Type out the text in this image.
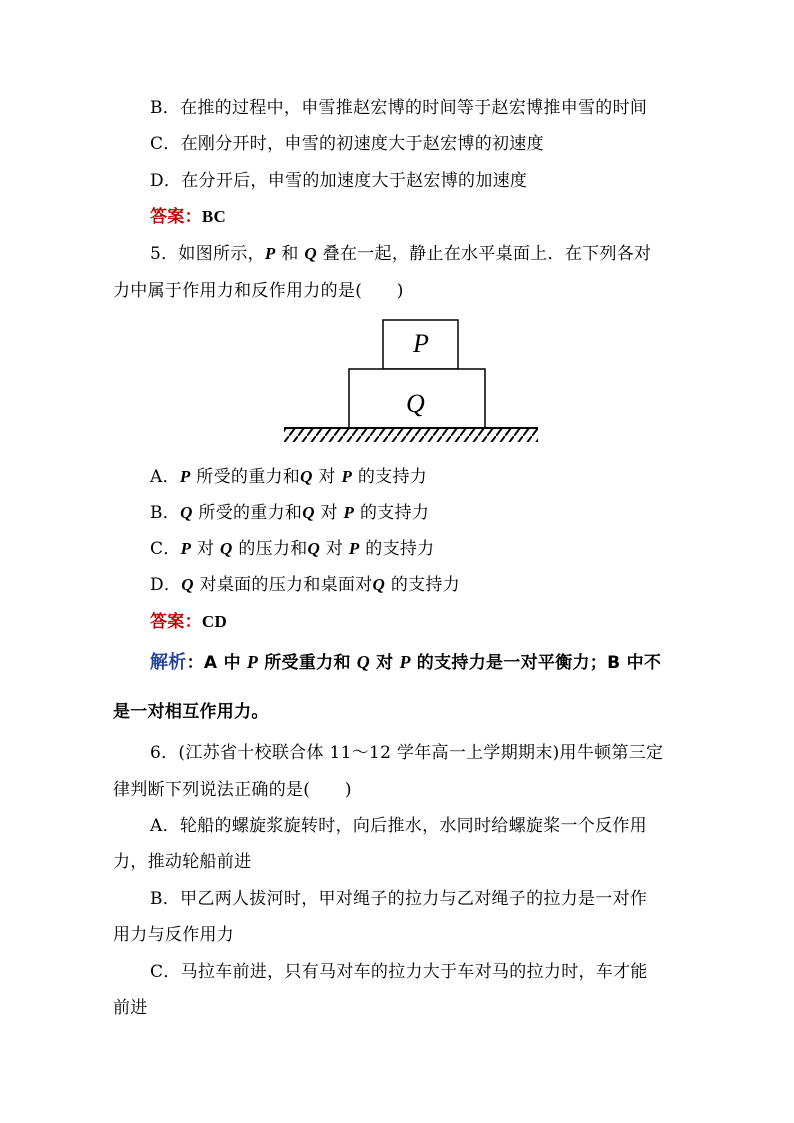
B．在推的过程中，申雪推赵宏博的时间等于赵宏博推申雪的时间
C．在刚分开时，申雪的初速度大于赵宏博的初速度
D．在分开后，申雪的加速度大于赵宏博的加速度
答案：BC
5．如图所示，P 和 Q 叠在一起，静止在水平桌面上．在下列各对
力中属于作用力和反作用力的是(　　)
P
Q
A．P 所受的重力和Q 对 P 的支持力
B．Q 所受的重力和Q 对 P 的支持力
C．P 对 Q 的压力和Q 对 P 的支持力
D．Q 对桌面的压力和桌面对Q 的支持力
答案：CD
解析：A 中 P 所受重力和 Q 对 P 的支持力是一对平衡力；B 中不
是一对相互作用力。
6．(江苏省十校联合体 11～12 学年高一上学期期末)用牛顿第三定
律判断下列说法正确的是(　　)
A．轮船的螺旋浆旋转时，向后推水，水同时给螺旋桨一个反作用
力，推动轮船前进
B．甲乙两人拔河时，甲对绳子的拉力与乙对绳子的拉力是一对作
用力与反作用力
C．马拉车前进，只有马对车的拉力大于车对马的拉力时，车才能
前进
